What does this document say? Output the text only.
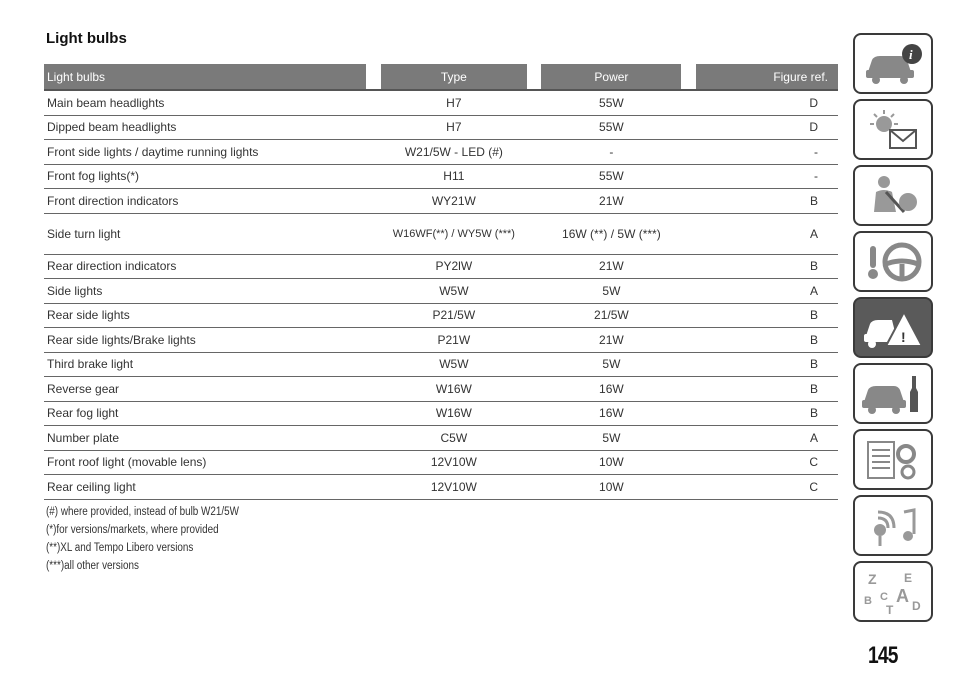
Light bulbs
Light bulbs		Type		Power		Figure ref.
Main beam headlights		H7		55W		D
Dipped beam headlights		H7		55W		D
Front side lights / daytime running lights		W21/5W - LED (#)		-		-
Front fog lights(*)		H11		55W		-
Front direction indicators		WY21W		21W		B
Side turn light		W16WF(**) / WY5W (***)		16W (**) / 5W (***)		A
Rear direction indicators		PY2lW		21W		B
Side lights		W5W		5W		A
Rear side lights		P21/5W		21/5W		B
Rear side lights/Brake lights		P21W		21W		B
Third brake light		W5W		5W		B
Reverse gear		W16W		16W		B
Rear fog light		W16W		16W		B
Number plate		C5W		5W		A
Front roof light (movable lens)		12V10W		10W		C
Rear ceiling light		12V10W		10W		C
(#) where provided, instead of bulb W21/5W
(*)for versions/markets, where provided
(**)XL and Tempo Libero versions
(***)all other versions
i
!
Z E
A
B C
D
T
145
